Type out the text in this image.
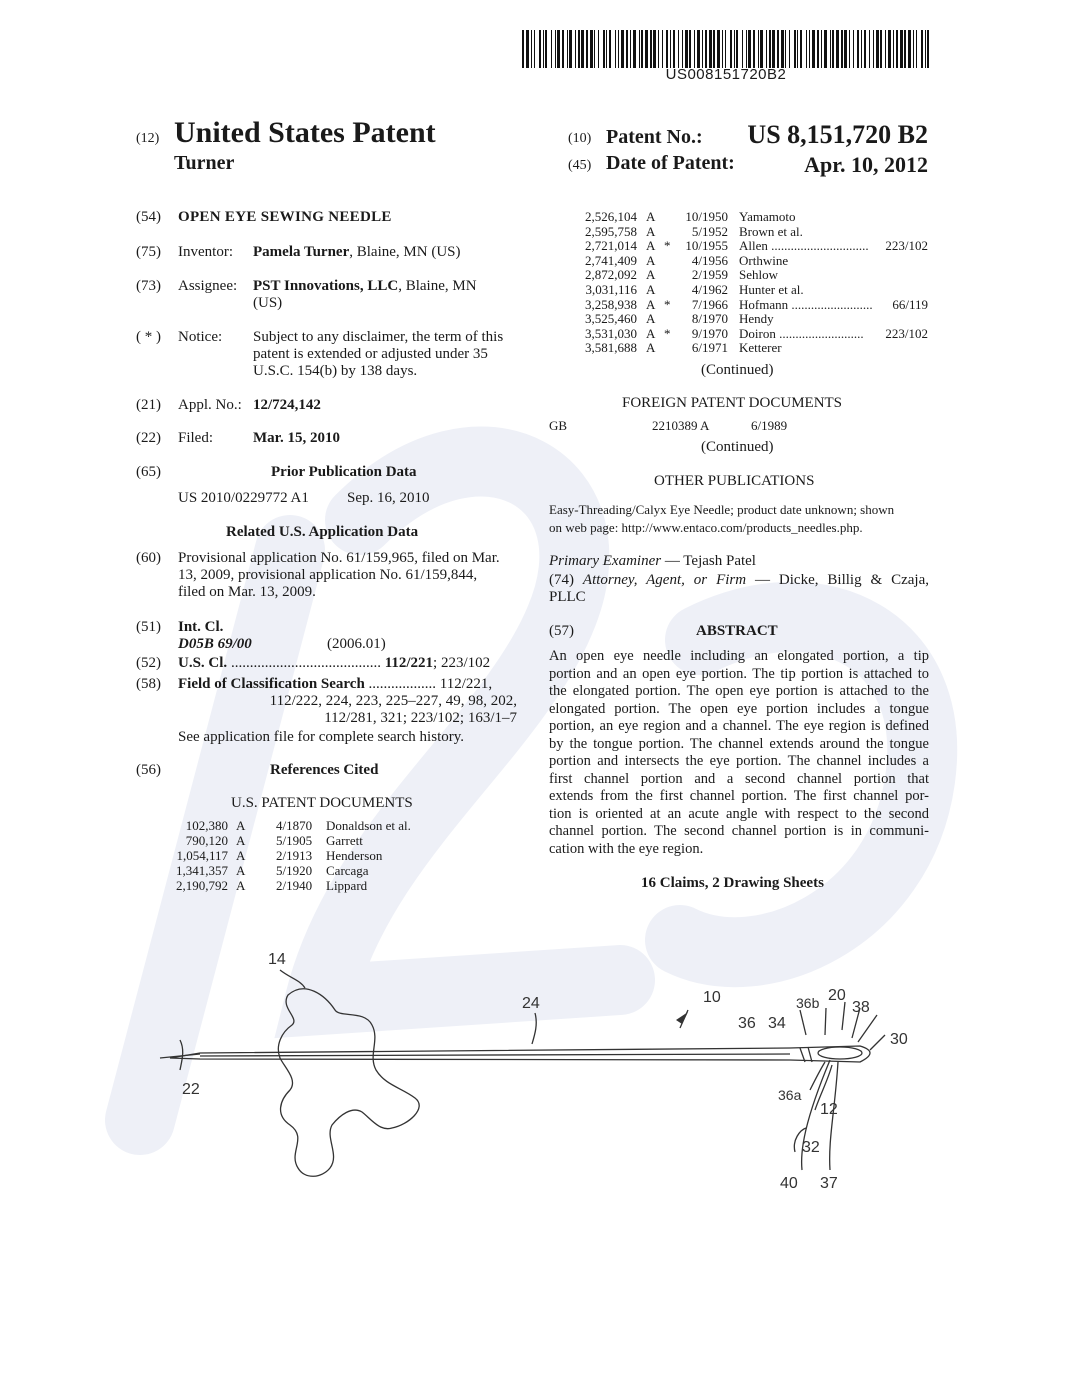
US008151720B2
(12) United States Patent
Turner
(10) Patent No.: US 8,151,720 B2
(45) Date of Patent:	Apr. 10, 2012
(54) OPEN EYE SEWING NEEDLE
(75) Inventor: Pamela Turner, Blaine, MN (US)
(73) Assignee: PST Innovations, LLC, Blaine, MN
(US)
( * ) Notice: Subject to any disclaimer, the term of this
patent is extended or adjusted under 35
U.S.C. 154(b) by 138 days.
(21) Appl. No.: 12/724,142
(22) Filed:	Mar. 15, 2010
(65)	Prior Publication Data
US 2010/0229772 A1	Sep. 16, 2010
Related U.S. Application Data
(60) Provisional application No. 61/159,965, filed on Mar.
13, 2009, provisional application No. 61/159,844,
filed on Mar. 13, 2009.
(51) Int. Cl.
D05B 69/00	(2006.01)
(52) U.S. Cl. ........................................ 112/221; 223/102
(58) Field of Classification Search .................. 112/221,
112/222, 224, 223, 225–227, 49, 98, 202,
112/281, 321; 223/102; 163/1–7
See application file for complete search history.
(56)	References Cited
U.S. PATENT DOCUMENTS
102,380 A 4/1870 Donaldson et al.
790,120 A 5/1905 Garrett
1,054,117 A 2/1913 Henderson
1,341,357 A 5/1920 Carcaga
2,190,792 A 2/1940 Lippard
2,526,104 A 10/1950 Yamamoto
2,595,758 A	5/1952 Brown et al.
2,721,014 A * 10/1955 Allen .............................. 223/102
2,741,409 A	4/1956 Orthwine
2,872,092 A	2/1959 Sehlow
3,031,116 A	4/1962 Hunter et al.
3,258,938 A * 7/1966 Hofmann ......................... 66/119
3,525,460 A	8/1970 Hendy
3,531,030 A * 9/1970 Doiron .......................... 223/102
3,581,688 A	6/1971 Ketterer
(Continued)
FOREIGN PATENT DOCUMENTS
GB	2210389 A	6/1989
(Continued)
OTHER PUBLICATIONS
Easy-Threading/Calyx Eye Needle; product date unknown; shown
on web page: http://www.entaco.com/products_needles.php.
Primary Examiner — Tejash Patel
(74) Attorney, Agent, or Firm — Dicke, Billig & Czaja,
PLLC
(57)	ABSTRACT
An open eye needle including an elongated portion, a tip
portion and an open eye portion. The tip portion is attached to
the elongated portion. The open eye portion is attached to the
elongated portion. The open eye portion includes a tongue
portion, an eye region and a channel. The eye region is defined
by the tongue portion. The channel extends around the tongue
portion and intersects the eye portion. The channel includes a
first channel portion and a second channel portion that
extends from the first channel portion. The first channel por-
tion is oriented at an acute angle with respect to the second
channel portion. The second channel portion is in communi-
cation with the eye region.
16 Claims, 2 Drawing Sheets
14
24	10	36b 20
38
36 34
30
22	36a
12
32
40 37
